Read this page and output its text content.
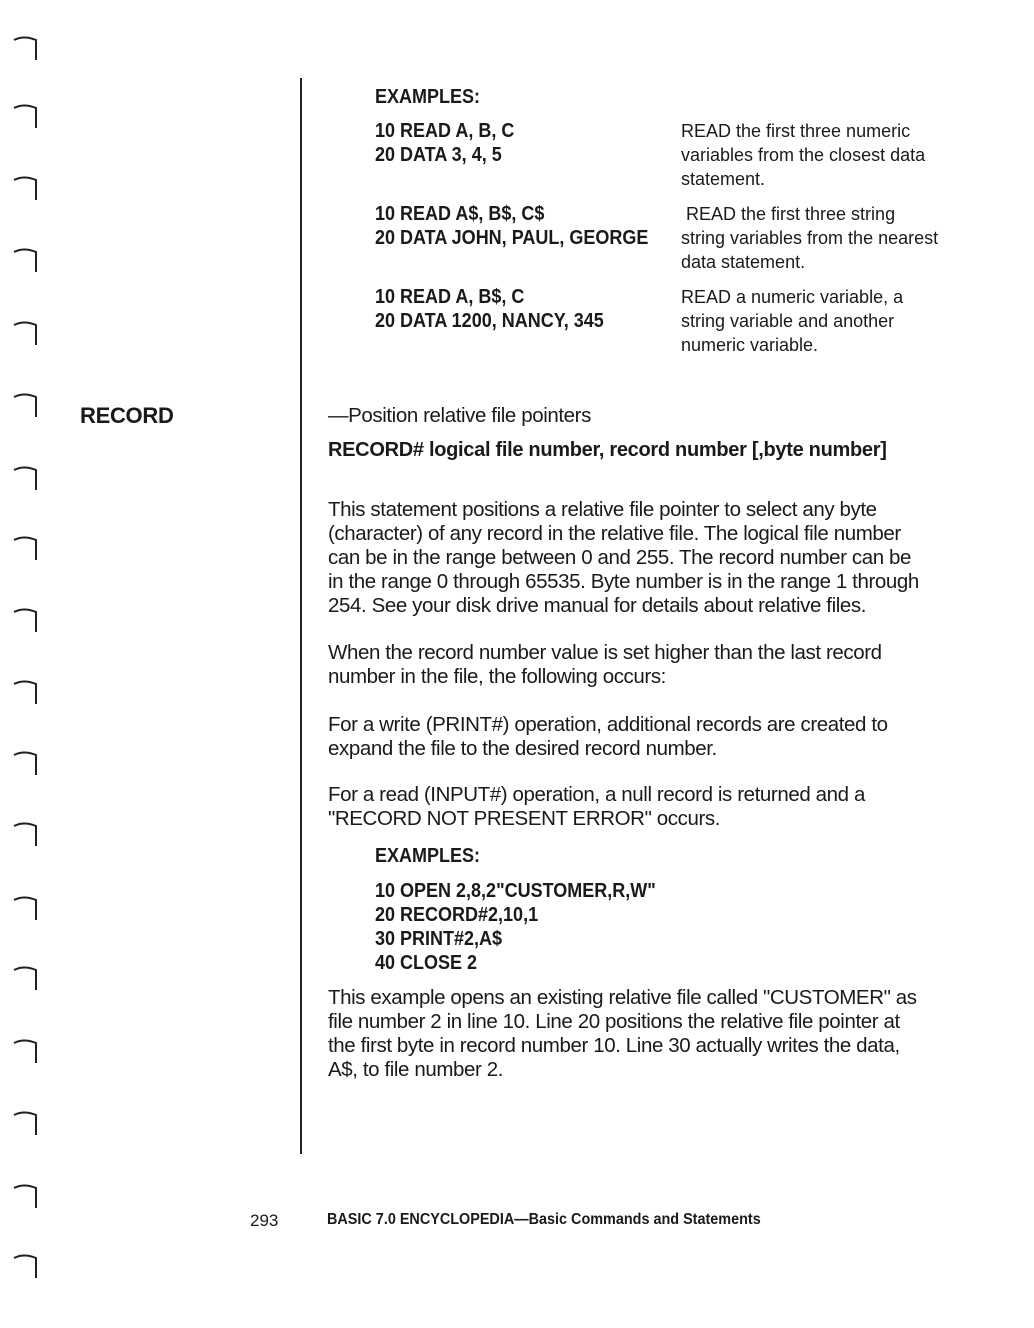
EXAMPLES:
10 READ A, B, C
20 DATA 3, 4, 5
READ the first three numeric
variables from the closest data
statement.
10 READ A$, B$, C$
20 DATA JOHN, PAUL, GEORGE
READ the first three string
string variables from the nearest
data statement.
10 READ A, B$, C
20 DATA 1200, NANCY, 345
READ a numeric variable, a
string variable and another
numeric variable.
RECORD	—Position relative file pointers
RECORD# logical file number, record number [,byte number]
This statement positions a relative file pointer to select any byte
(character) of any record in the relative file. The logical file number
can be in the range between 0 and 255. The record number can be
in the range 0 through 65535. Byte number is in the range 1 through
254. See your disk drive manual for details about relative files.
When the record number value is set higher than the last record
number in the file, the following occurs:
For a write (PRINT#) operation, additional records are created to
expand the file to the desired record number.
For a read (INPUT#) operation, a null record is returned and a
"RECORD NOT PRESENT ERROR" occurs.
EXAMPLES:
10 OPEN 2,8,2"CUSTOMER,R,W"
20 RECORD#2,10,1
30 PRINT#2,A$
40 CLOSE 2
This example opens an existing relative file called "CUSTOMER" as
file number 2 in line 10. Line 20 positions the relative file pointer at
the first byte in record number 10. Line 30 actually writes the data,
A$, to file number 2.
293	BASIC 7.0 ENCYCLOPEDIA—Basic Commands and Statements
